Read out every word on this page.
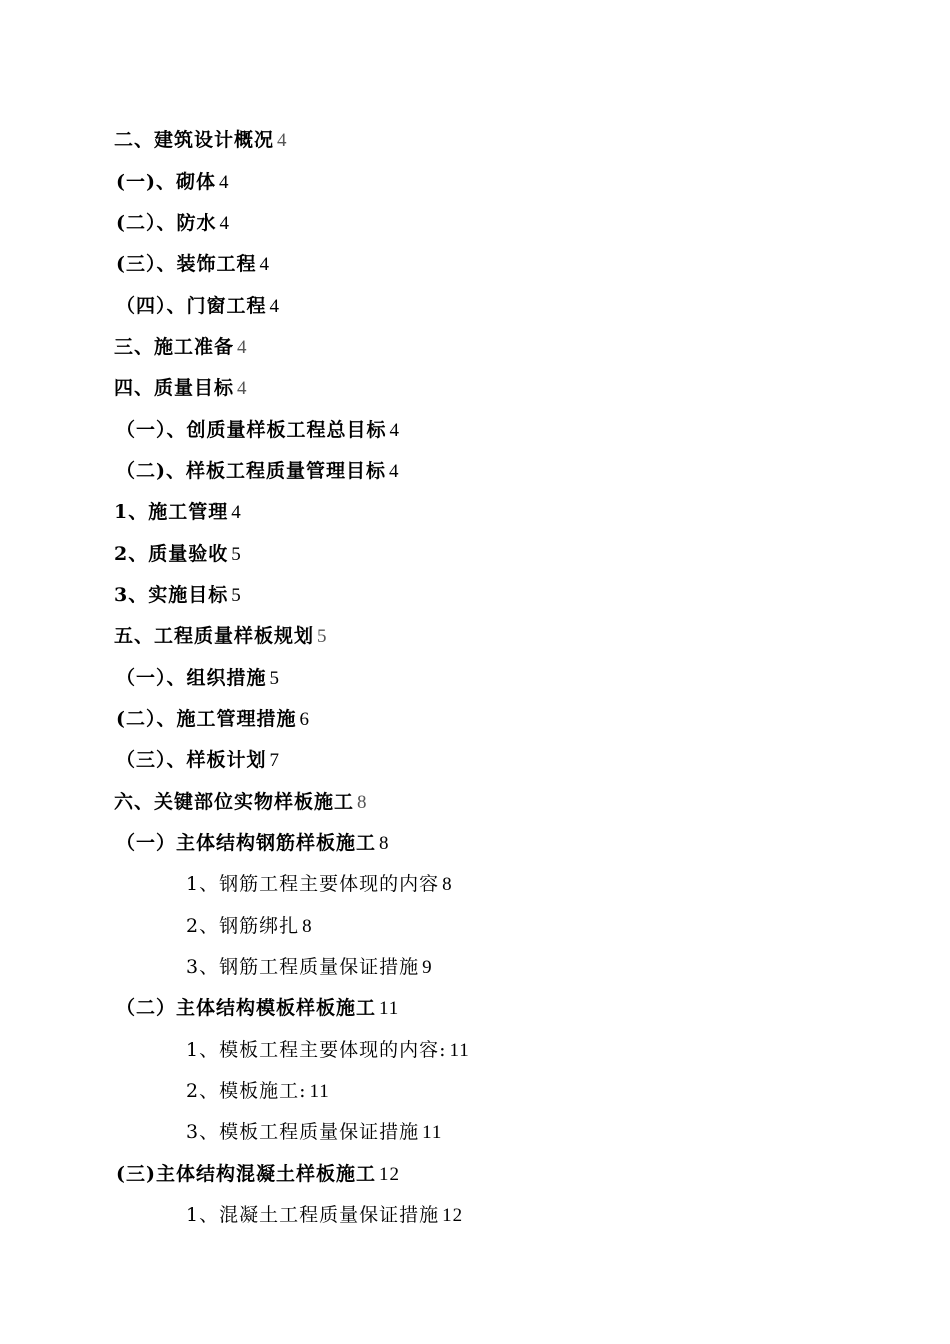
二、建筑设计概况 4
(一)、砌体 4
(二）、防水 4
(三）、装饰工程 4
（四）、门窗工程 4
三、施工准备 4
四、质量目标 4
（一）、创质量样板工程总目标 4
（二)、样板工程质量管理目标 4
1、施工管理 4
2、质量验收 5
3、实施目标 5
五、工程质量样板规划 5
（一）、组织措施 5
(二）、施工管理措施 6
（三）、样板计划 7
六、关键部位实物样板施工 8
（一）主体结构钢筋样板施工 8
1、钢筋工程主要体现的内容 8
2、钢筋绑扎 8
3、钢筋工程质量保证措施 9
（二）主体结构模板样板施工 11
1、模板工程主要体现的内容: 11
2、模板施工: 11
3、模板工程质量保证措施 11
(三)主体结构混凝土样板施工 12
1、混凝土工程质量保证措施 12
